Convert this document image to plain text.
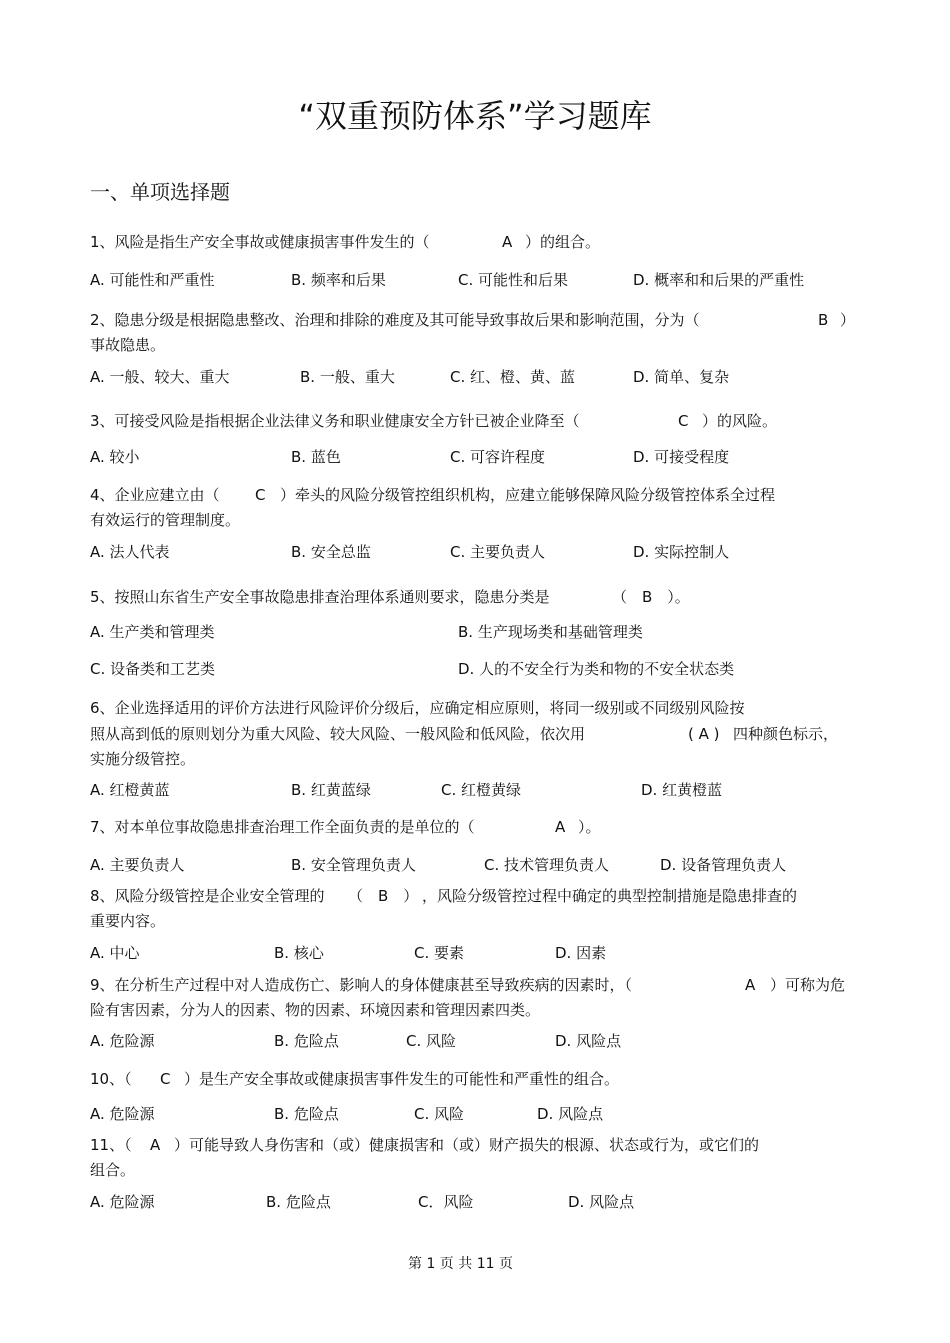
“双重预防体系”学习题库
一、单项选择题
1、风险是指生产安全事故或健康损害事件发生的（	A ）的组合。
A. 可能性和严重性	B. 频率和后果	C. 可能性和后果	D. 概率和和后果的严重性
2、隐患分级是根据隐患整改、治理和排除的难度及其可能导致事故后果和影响范围，分为（	B ）
事故隐患。
A. 一般、较大、重大	B. 一般、重大	C. 红、橙、黄、蓝	D. 简单、复杂
3、可接受风险是指根据企业法律义务和职业健康安全方针已被企业降至（	C ）的风险。
A. 较小	B. 蓝色	C. 可容许程度	D. 可接受程度
4、企业应建立由（ C ）牵头的风险分级管控组织机构，应建立能够保障风险分级管控体系全过程
有效运行的管理制度。
A. 法人代表	B. 安全总监	C. 主要负责人	D. 实际控制人
5、按照山东省生产安全事故隐患排查治理体系通则要求，隐患分类是	（　B　）。
A. 生产类和管理类	B. 生产现场类和基础管理类
C. 设备类和工艺类	D. 人的不安全行为类和物的不安全状态类
6、企业选择适用的评价方法进行风险评价分级后，应确定相应原则，将同一级别或不同级别风险按
照从高到低的原则划分为重大风险、较大风险、一般风险和低风险，依次用	( A ) 四种颜色标示，
实施分级管控。
A. 红橙黄蓝	B. 红黄蓝绿	C. 红橙黄绿	D. 红黄橙蓝
7、对本单位事故隐患排查治理工作全面负责的是单位的（	A ）。
A. 主要负责人	B. 安全管理负责人	C. 技术管理负责人	D. 设备管理负责人
8、风险分级管控是企业安全管理的 （　B　） ，风险分级管控过程中确定的典型控制措施是隐患排查的
重要内容。
A. 中心	B. 核心	C. 要素	D. 因素
9、在分析生产过程中对人造成伤亡、影响人的身体健康甚至导致疾病的因素时，（	A ）可称为危
险有害因素，分为人的因素、物的因素、环境因素和管理因素四类。
A. 危险源	B. 危险点	C. 风险	D. 风险点
10、（ C ）是生产安全事故或健康损害事件发生的可能性和严重性的组合。
A. 危险源	B. 危险点	C. 风险	D. 风险点
11、（ A ）可能导致人身伤害和（或）健康损害和（或）财产损失的根源、状态或行为，或它们的
组合。
A. 危险源	B. 危险点	C．风险	D. 风险点
第 1 页 共 11 页
